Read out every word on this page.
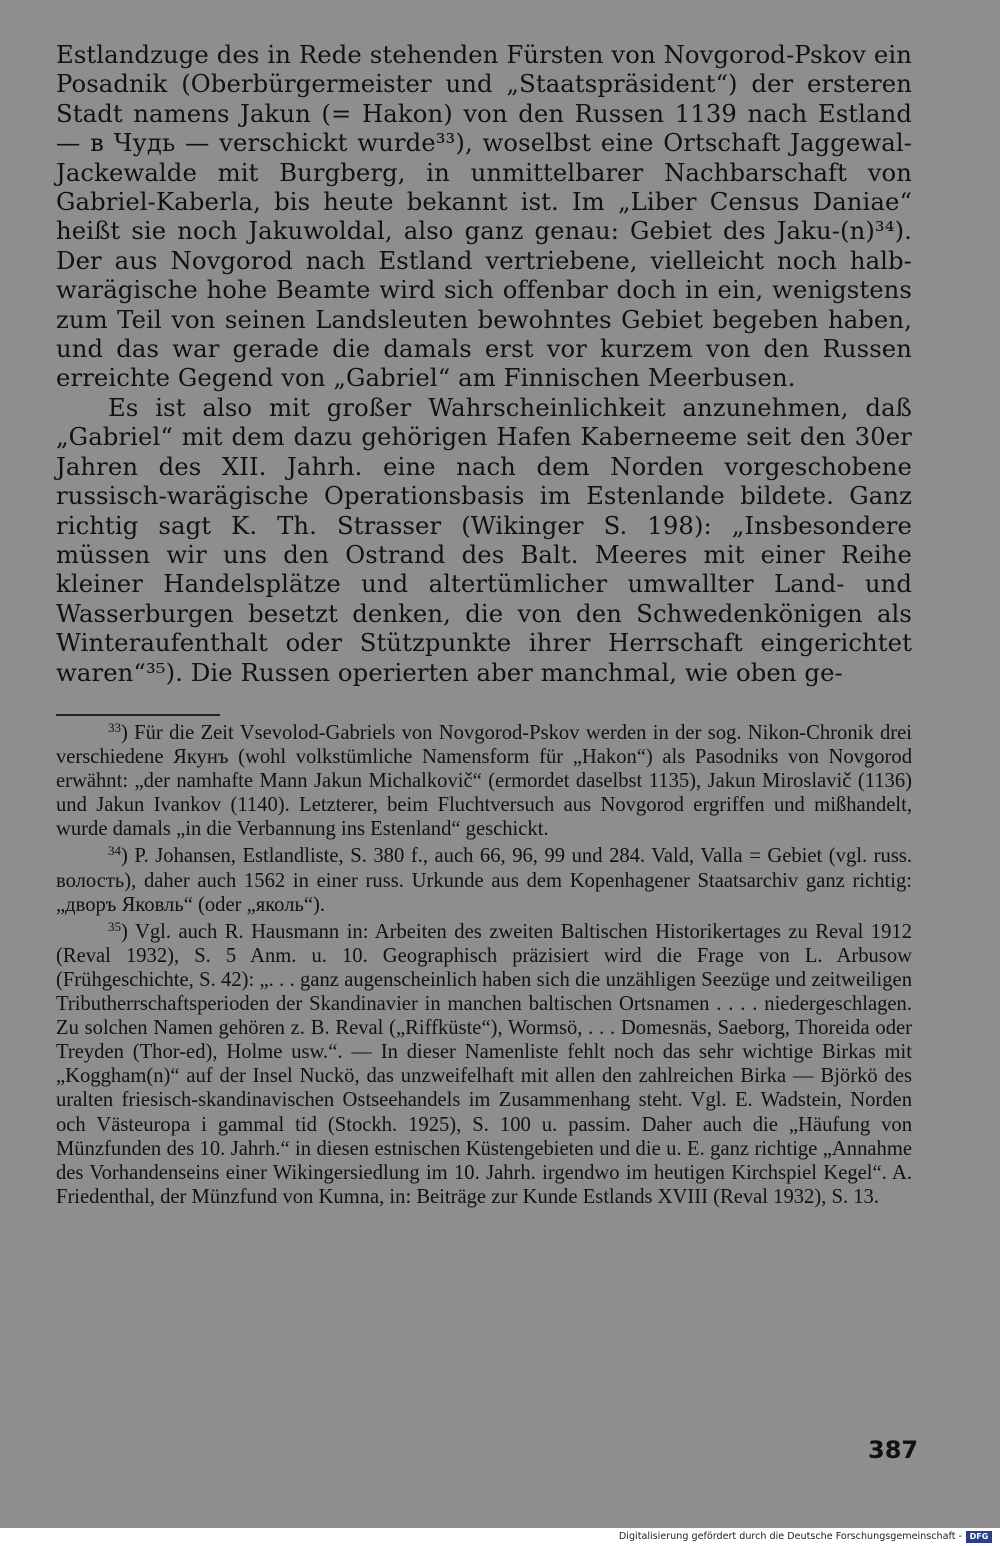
Estlandzuge des in Rede stehenden Fürsten von Novgorod-Pskov ein Posadnik (Oberbürgermeister und „Staatspräsident“) der ersteren Stadt namens Jakun (= Hakon) von den Russen 1139 nach Estland — в Чудь — verschickt wurde³³), woselbst eine Ortschaft Jaggewal-Jackewalde mit Burgberg, in unmittelbarer Nachbarschaft von Gabriel-Kaberla, bis heute bekannt ist. Im „Liber Census Daniae“ heißt sie noch Jakuwoldal, also ganz genau: Gebiet des Jaku-(n)³⁴). Der aus Novgorod nach Estland vertriebene, vielleicht noch halb-warägische hohe Beamte wird sich offenbar doch in ein, wenigstens zum Teil von seinen Landsleuten bewohntes Gebiet begeben haben, und das war gerade die damals erst vor kurzem von den Russen erreichte Gegend von „Gabriel“ am Finnischen Meerbusen.

Es ist also mit großer Wahrscheinlichkeit anzunehmen, daß „Gabriel“ mit dem dazu gehörigen Hafen Kaberneeme seit den 30er Jahren des XII. Jahrh. eine nach dem Norden vorgeschobene russisch-warägische Operationsbasis im Estenlande bildete. Ganz richtig sagt K. Th. Strasser (Wikinger S. 198): „Insbesondere müssen wir uns den Ostrand des Balt. Meeres mit einer Reihe kleiner Handelsplätze und altertümlicher umwallter Land- und Wasserburgen besetzt denken, die von den Schwedenkönigen als Winteraufenthalt oder Stützpunkte ihrer Herrschaft eingerichtet waren“³⁵). Die Russen operierten aber manchmal, wie oben ge-

$^{33}$) Für die Zeit Vsevolod-Gabriels von Novgorod-Pskov werden in der sog. Nikon-Chronik drei verschiedene Якунъ (wohl volkstümliche Namensform für „Hakon“) als Pasodniks von Novgorod erwähnt: „der namhafte Mann Jakun Michalkovič“ (ermordet daselbst 1135), Jakun Miroslavič (1136) und Jakun Ivankov (1140). Letzterer, beim Fluchtversuch aus Novgorod ergriffen und mißhandelt, wurde damals „in die Verbannung ins Estenland“ geschickt.

$^{34}$) P. Johansen, Estlandliste, S. 380 f., auch 66, 96, 99 und 284. Vald, Valla = Gebiet (vgl. russ. волость), daher auch 1562 in einer russ. Urkunde aus dem Kopenhagener Staatsarchiv ganz richtig: „дворъ Яковль“ (oder „яколь“).

$^{35}$) Vgl. auch R. Hausmann in: Arbeiten des zweiten Baltischen Historikertages zu Reval 1912 (Reval 1932), S. 5 Anm. u. 10. Geographisch präzisiert wird die Frage von L. Arbusow (Frühgeschichte, S. 42): „. . . ganz augenscheinlich haben sich die unzähligen Seezüge und zeitweiligen Tributherrschaftsperioden der Skandinavier in manchen baltischen Ortsnamen . . . . niedergeschlagen. Zu solchen Namen gehören z. B. Reval („Riffküste“), Wormsö, . . . Domesnäs, Saeborg, Thoreida oder Treyden (Thor-ed), Holme usw.“. — In dieser Namenliste fehlt noch das sehr wichtige Birkas mit „Koggham(n)“ auf der Insel Nuckö, das unzweifelhaft mit allen den zahlreichen Birka — Björkö des uralten friesisch-skandinavischen Ostseehandels im Zusammenhang steht. Vgl. E. Wadstein, Norden och Västeuropa i gammal tid (Stockh. 1925), S. 100 u. passim. Daher auch die „Häufung von Münzfunden des 10. Jahrh.“ in diesen estnischen Küstengebieten und die u. E. ganz richtige „Annahme des Vorhandenseins einer Wikingersiedlung im 10. Jahrh. irgendwo im heutigen Kirchspiel Kegel“. A. Friedenthal, der Münzfund von Kumna, in: Beiträge zur Kunde Estlands XVIII (Reval 1932), S. 13.

387
Digitalisierung gefördert durch die Deutsche Forschungsgemeinschaft - DFG
